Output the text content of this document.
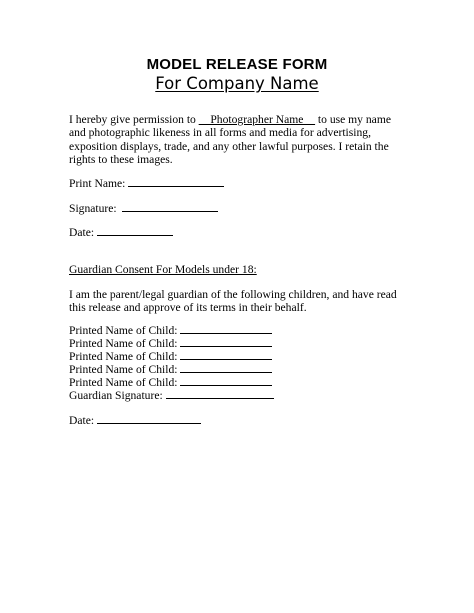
MODEL RELEASE FORM
For Company Name
I hereby give permission to __Photographer Name__ to use my name and photographic likeness in all forms and media for advertising, exposition displays, trade, and any other lawful purposes. I retain the rights to these images.
Print Name:
Signature:
Date:
Guardian Consent For Models under 18:
I am the parent/legal guardian of the following children, and have read this release and approve of its terms in their behalf.
Printed Name of Child:
Printed Name of Child:
Printed Name of Child:
Printed Name of Child:
Printed Name of Child:
Guardian Signature:
Date:
